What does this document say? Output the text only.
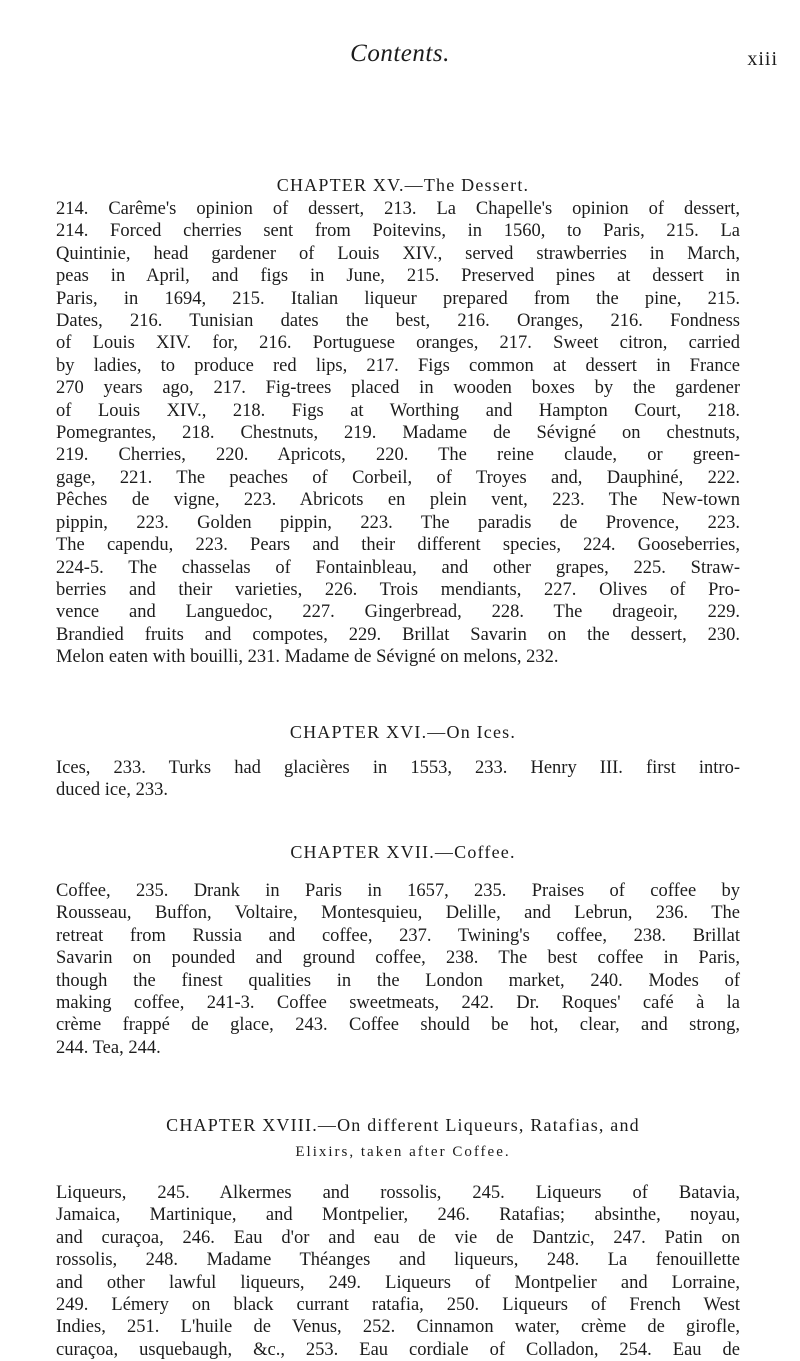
Contents.	xiii
CHAPTER XV.—The Dessert.
214. Carême's opinion of dessert, 213. La Chapelle's opinion of dessert,
214. Forced cherries sent from Poitevins, in 1560, to Paris, 215. La
Quintinie, head gardener of Louis XIV., served strawberries in March,
peas in April, and figs in June, 215. Preserved pines at dessert in
Paris, in 1694, 215. Italian liqueur prepared from the pine, 215.
Dates, 216. Tunisian dates the best, 216. Oranges, 216. Fondness
of Louis XIV. for, 216. Portuguese oranges, 217. Sweet citron, carried
by ladies, to produce red lips, 217. Figs common at dessert in France
270 years ago, 217. Fig-trees placed in wooden boxes by the gardener
of Louis XIV., 218. Figs at Worthing and Hampton Court, 218.
Pomegrantes, 218. Chestnuts, 219. Madame de Sévigné on chestnuts,
219. Cherries, 220. Apricots, 220. The reine claude, or green-
gage, 221. The peaches of Corbeil, of Troyes and, Dauphiné, 222.
Pêches de vigne, 223. Abricots en plein vent, 223. The New-town
pippin, 223. Golden pippin, 223. The paradis de Provence, 223.
The capendu, 223. Pears and their different species, 224. Gooseberries,
224-5. The chasselas of Fontainbleau, and other grapes, 225. Straw-
berries and their varieties, 226. Trois mendiants, 227. Olives of Pro-
vence and Languedoc, 227. Gingerbread, 228. The drageoir, 229.
Brandied fruits and compotes, 229. Brillat Savarin on the dessert, 230.
Melon eaten with bouilli, 231. Madame de Sévigné on melons, 232.
CHAPTER XVI.—On Ices.
Ices, 233. Turks had glacières in 1553, 233. Henry III. first intro-
duced ice, 233.
CHAPTER XVII.—Coffee.
Coffee, 235. Drank in Paris in 1657, 235. Praises of coffee by
Rousseau, Buffon, Voltaire, Montesquieu, Delille, and Lebrun, 236. The
retreat from Russia and coffee, 237. Twining's coffee, 238. Brillat
Savarin on pounded and ground coffee, 238. The best coffee in Paris,
though the finest qualities in the London market, 240. Modes of
making coffee, 241-3. Coffee sweetmeats, 242. Dr. Roques' café à la
crème frappé de glace, 243. Coffee should be hot, clear, and strong,
244. Tea, 244.
CHAPTER XVIII.—On different Liqueurs, Ratafias, and
Elixirs, taken after Coffee.
Liqueurs, 245. Alkermes and rossolis, 245. Liqueurs of Batavia,
Jamaica, Martinique, and Montpelier, 246. Ratafias; absinthe, noyau,
and curaçoa, 246. Eau d'or and eau de vie de Dantzic, 247. Patin on
rossolis, 248. Madame Théanges and liqueurs, 248. La fenouillette
and other lawful liqueurs, 249. Liqueurs of Montpelier and Lorraine,
249. Lémery on black currant ratafia, 250. Liqueurs of French West
Indies, 251. L'huile de Venus, 252. Cinnamon water, crème de girofle,
curaçoa, usquebaugh, &c., 253. Eau cordiale of Colladon, 254. Eau de
